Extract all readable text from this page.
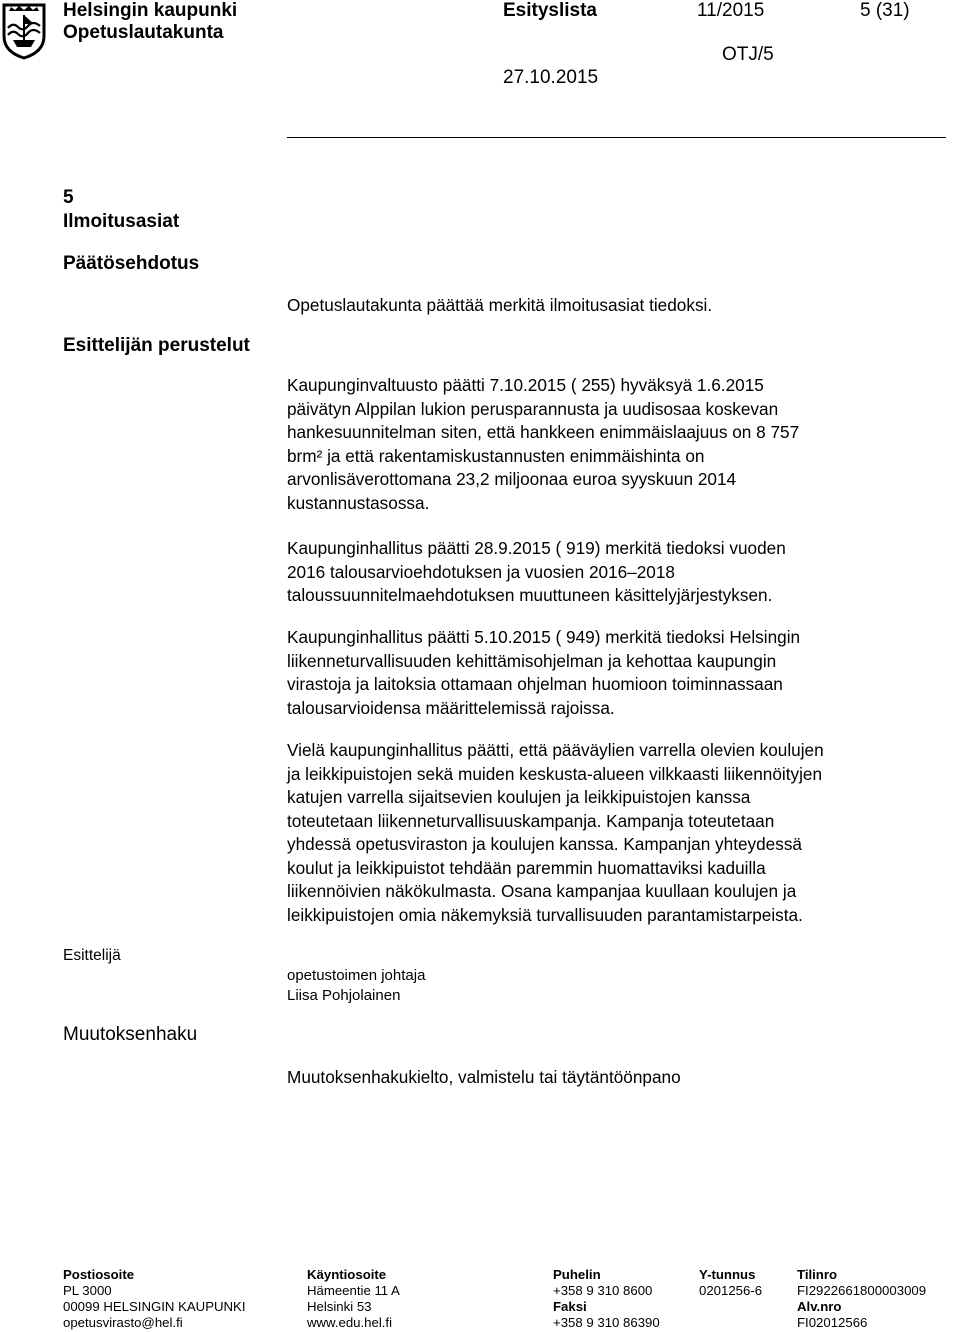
Helsingin kaupunki
Opetuslautakunta
Esityslista	11/2015	5 (31)
OTJ/5
27.10.2015
5
Ilmoitusasiat
Päätösehdotus
Opetuslautakunta päättää merkitä ilmoitusasiat tiedoksi.
Esittelijän perustelut
Kaupunginvaltuusto päätti 7.10.2015 ( 255) hyväksyä 1.6.2015
päivätyn Alppilan lukion perusparannusta ja uudisosaa koskevan
hankesuunnitelman siten, että hankkeen enimmäislaajuus on 8 757
brm² ja että rakentamiskustannusten enimmäishinta on
arvonlisäverottomana 23,2 miljoonaa euroa syyskuun 2014
kustannustasossa.
Kaupunginhallitus päätti 28.9.2015 ( 919) merkitä tiedoksi vuoden
2016 talousarvioehdotuksen ja vuosien 2016–2018
taloussuunnitelmaehdotuksen muuttuneen käsittelyjärjestyksen.
Kaupunginhallitus päätti 5.10.2015 ( 949) merkitä tiedoksi Helsingin
liikenneturvallisuuden kehittämisohjelman ja kehottaa kaupungin
virastoja ja laitoksia ottamaan ohjelman huomioon toiminnassaan
talousarvioidensa määrittelemissä rajoissa.
Vielä kaupunginhallitus päätti, että pääväylien varrella olevien koulujen
ja leikkipuistojen sekä muiden keskusta-alueen vilkkaasti liikennöityjen
katujen varrella sijaitsevien koulujen ja leikkipuistojen kanssa
toteutetaan liikenneturvallisuuskampanja. Kampanja toteutetaan
yhdessä opetusviraston ja koulujen kanssa. Kampanjan yhteydessä
koulut ja leikkipuistot tehdään paremmin huomattaviksi kaduilla
liikennöivien näkökulmasta. Osana kampanjaa kuullaan koulujen ja
leikkipuistojen omia näkemyksiä turvallisuuden parantamistarpeista.
Esittelijä
opetustoimen johtaja
Liisa Pohjolainen
Muutoksenhaku
Muutoksenhakukielto, valmistelu tai täytäntöönpano
Postiosoite
PL 3000
00099 HELSINGIN KAUPUNKI
opetusvirasto@hel.fi
Käyntiosoite
Hämeentie 11 A
Helsinki 53
www.edu.hel.fi
Puhelin
+358 9 310 8600
Faksi
+358 9 310 86390
Y-tunnus
0201256-6
Tilinro
FI2922661800003009
Alv.nro
FI02012566
